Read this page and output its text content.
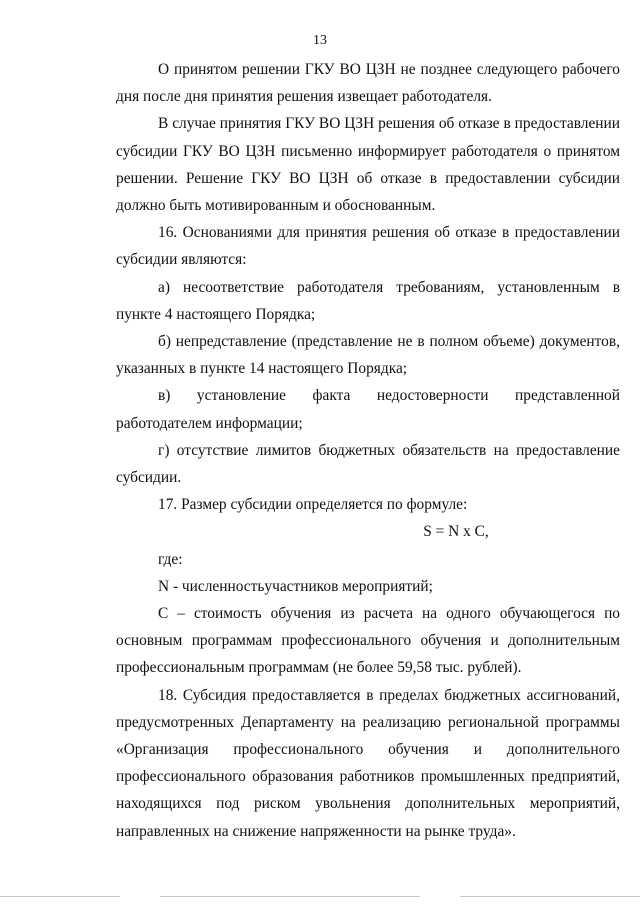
13

О принятом решении ГКУ ВО ЦЗН не позднее следующего рабочего дня после дня принятия решения извещает работодателя.

В случае принятия ГКУ ВО ЦЗН решения об отказе в предоставлении субсидии ГКУ ВО ЦЗН письменно информирует работодателя о принятом решении. Решение ГКУ ВО ЦЗН об отказе в предоставлении субсидии должно быть мотивированным и обоснованным.

16. Основаниями для принятия решения об отказе в предоставлении субсидии являются:

а) несоответствие работодателя требованиям, установленным в пункте 4 настоящего Порядка;

б) непредставление (представление не в полном объеме) документов, указанных в пункте 14 настоящего Порядка;

в) установление факта недостоверности представленной работодателем информации;

г) отсутствие лимитов бюджетных обязательств на предоставление субсидии.

17. Размер субсидии определяется по формуле:

S = N x C,

где:

N - численностьучастников мероприятий;

C – стоимость обучения из расчета на одного обучающегося по основным программам профессионального обучения и дополнительным профессиональным программам (не более 59,58 тыс. рублей).

18. Субсидия предоставляется в пределах бюджетных ассигнований, предусмотренных Департаменту на реализацию региональной программы «Организация профессионального обучения и дополнительного профессионального образования работников промышленных предприятий, находящихся под риском увольнения дополнительных мероприятий, направленных на снижение напряженности на рынке труда».
